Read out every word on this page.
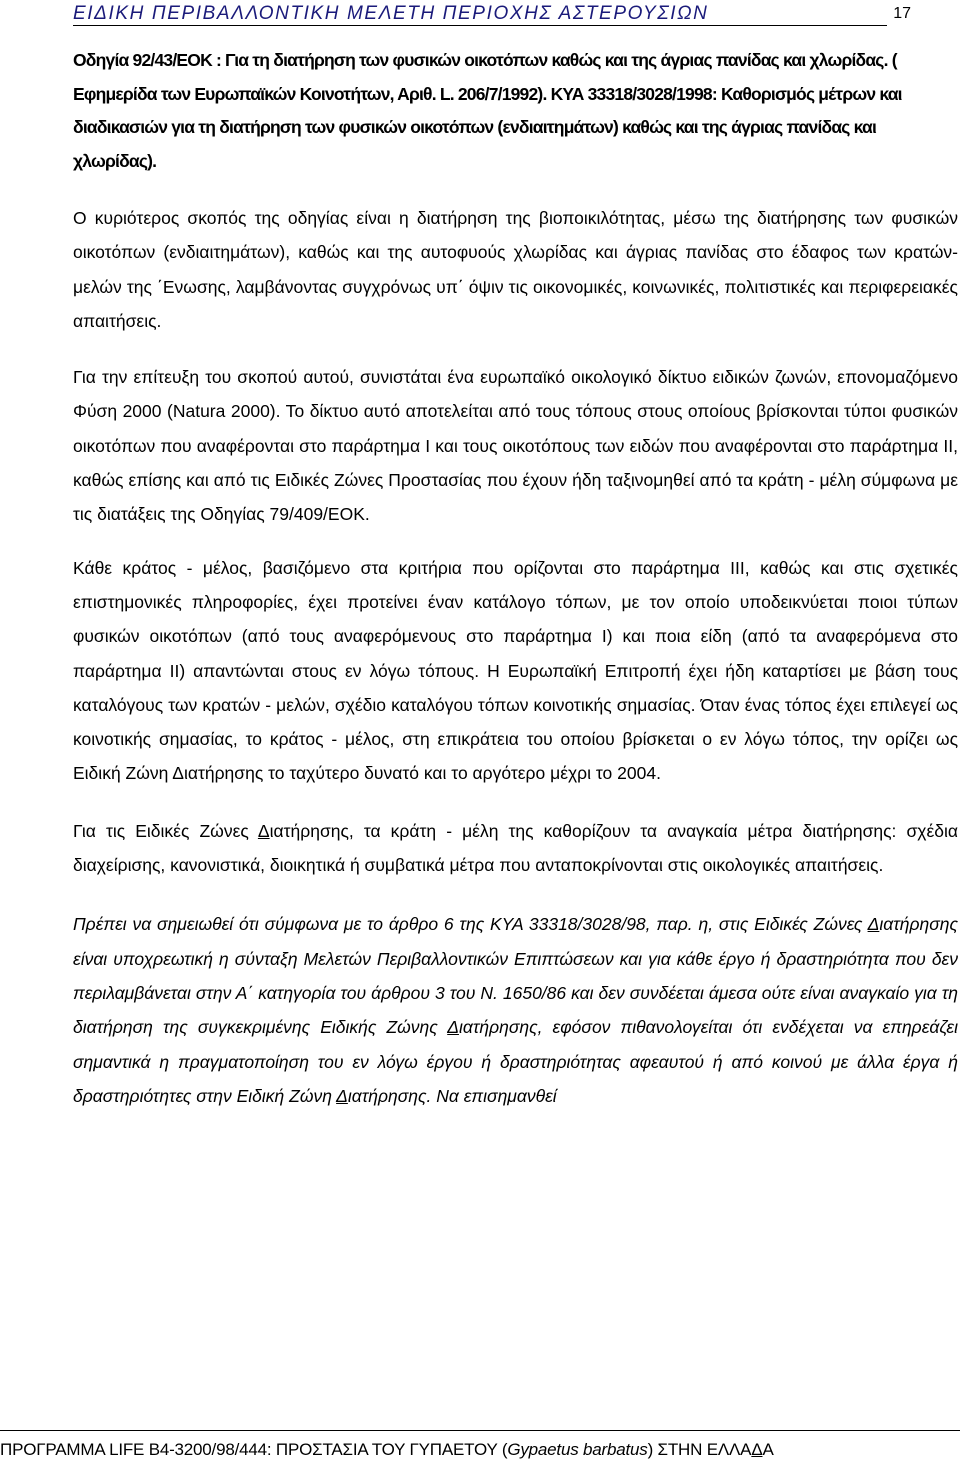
ΕΙΔΙΚΗ ΠΕΡΙΒΑΛΛΟΝΤΙΚΗ ΜΕΛΕΤΗ ΠΕΡΙΟΧΗΣ ΑΣΤΕΡΟΥΣΙΩΝ	17

Οδηγία 92/43/ΕΟΚ : Για τη διατήρηση των φυσικών οικοτόπων καθώς και της άγριας πανίδας και χλωρίδας. ( Εφημερίδα των Ευρωπαϊκών Κοινοτήτων, Αριθ. L. 206/7/1992). ΚΥΑ 33318/3028/1998: Καθορισμός μέτρων και διαδικασιών για τη διατήρηση των φυσικών οικοτόπων (ενδιαιτημάτων) καθώς και της άγριας πανίδας και χλωρίδας).

Ο κυριότερος σκοπός της οδηγίας είναι η διατήρηση της βιοποικιλότητας, μέσω της διατήρησης των φυσικών οικοτόπων (ενδιαιτημάτων), καθώς και της αυτοφυούς χλωρίδας και άγριας πανίδας στο έδαφος των κρατών-μελών της ΄Ενωσης, λαμβάνοντας συγχρόνως υπ΄ όψιν τις οικονομικές, κοινωνικές, πολιτιστικές και περιφερειακές απαιτήσεις.

Για την επίτευξη του σκοπού αυτού, συνιστάται ένα ευρωπαϊκό οικολογικό δίκτυο ειδικών ζωνών, επονομαζόμενο Φύση 2000 (Natura 2000). Το δίκτυο αυτό αποτελείται από τους τόπους στους οποίους βρίσκονται τύποι φυσικών οικοτόπων που αναφέρονται στο παράρτημα Ι και τους οικοτόπους των ειδών που αναφέρονται στο παράρτημα ΙΙ, καθώς επίσης και από τις Ειδικές Ζώνες Προστασίας που έχουν ήδη ταξινομηθεί από τα κράτη - μέλη σύμφωνα με τις διατάξεις της Οδηγίας 79/409/ΕΟΚ.

Κάθε κράτος - μέλος, βασιζόμενο στα κριτήρια που ορίζονται στο παράρτημα ΙΙΙ, καθώς και στις σχετικές επιστημονικές πληροφορίες, έχει προτείνει έναν κατάλογο τόπων, με τον οποίο υποδεικνύεται ποιοι τύπων φυσικών οικοτόπων (από τους αναφερόμενους στο παράρτημα Ι) και ποια είδη (από τα αναφερόμενα στο παράρτημα ΙΙ) απαντώνται στους εν λόγω τόπους. Η Ευρωπαϊκή Επιτροπή έχει ήδη καταρτίσει με βάση τους καταλόγους των κρατών - μελών, σχέδιο καταλόγου τόπων κοινοτικής σημασίας. Όταν ένας τόπος έχει επιλεγεί ως κοινοτικής σημασίας, το κράτος - μέλος, στη επικράτεια του οποίου βρίσκεται ο εν λόγω τόπος, την ορίζει ως Ειδική Ζώνη Διατήρησης το ταχύτερο δυνατό και το αργότερο μέχρι το 2004.

Για τις Ειδικές Ζώνες Διατήρησης, τα κράτη - μέλη της καθορίζουν τα αναγκαία μέτρα διατήρησης: σχέδια διαχείρισης, κανονιστικά, διοικητικά ή συμβατικά μέτρα που ανταποκρίνονται στις οικολογικές απαιτήσεις.

Πρέπει να σημειωθεί ότι σύμφωνα με το άρθρο 6 της ΚΥΑ 33318/3028/98, παρ. η, στις Ειδικές Ζώνες Διατήρησης είναι υποχρεωτική η σύνταξη Μελετών Περιβαλλοντικών Επιπτώσεων και για κάθε έργο ή δραστηριότητα που δεν περιλαμβάνεται στην Α΄ κατηγορία του άρθρου 3 του Ν. 1650/86 και δεν συνδέεται άμεσα ούτε είναι αναγκαίο για τη διατήρηση της συγκεκριμένης Ειδικής Ζώνης Διατήρησης, εφόσον πιθανολογείται ότι ενδέχεται να επηρεάζει σημαντικά η πραγματοποίηση του εν λόγω έργου ή δραστηριότητας αφεαυτού ή από κοινού με άλλα έργα ή δραστηριότητες στην Ειδική Ζώνη Διατήρησης. Να επισημανθεί

ΠΡΟΓΡΑΜΜΑ LIFE B4-3200/98/444: ΠΡΟΣΤΑΣΙΑ ΤΟΥ ΓΥΠΑΕΤΟΥ (Gypaetus barbatus) ΣΤΗΝ ΕΛΛΑΔΑ
